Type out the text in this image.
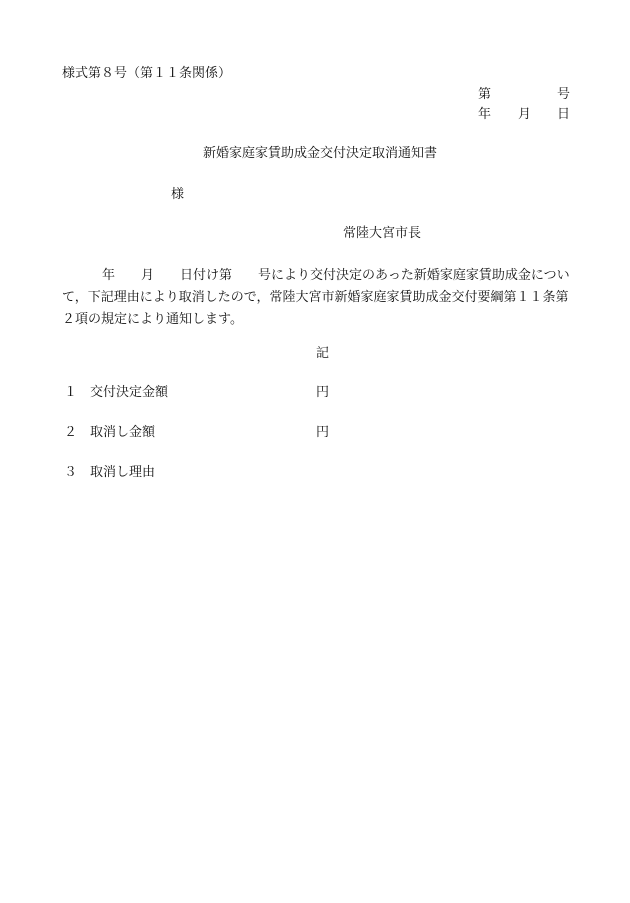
様式第８号（第１１条関係）
第	号
年 月 日
新婚家庭家賃助成金交付決定取消通知書
様
常陸大宮市長
年　　月　　日付け第　　号により交付決定のあった新婚家庭家賃助成金について，下記理由により取消したので，常陸大宮市新婚家庭家賃助成金交付要綱第１１条第２項の規定により通知します。
記
１ 交付決定金額	円
２ 取消し金額	円
３ 取消し理由
